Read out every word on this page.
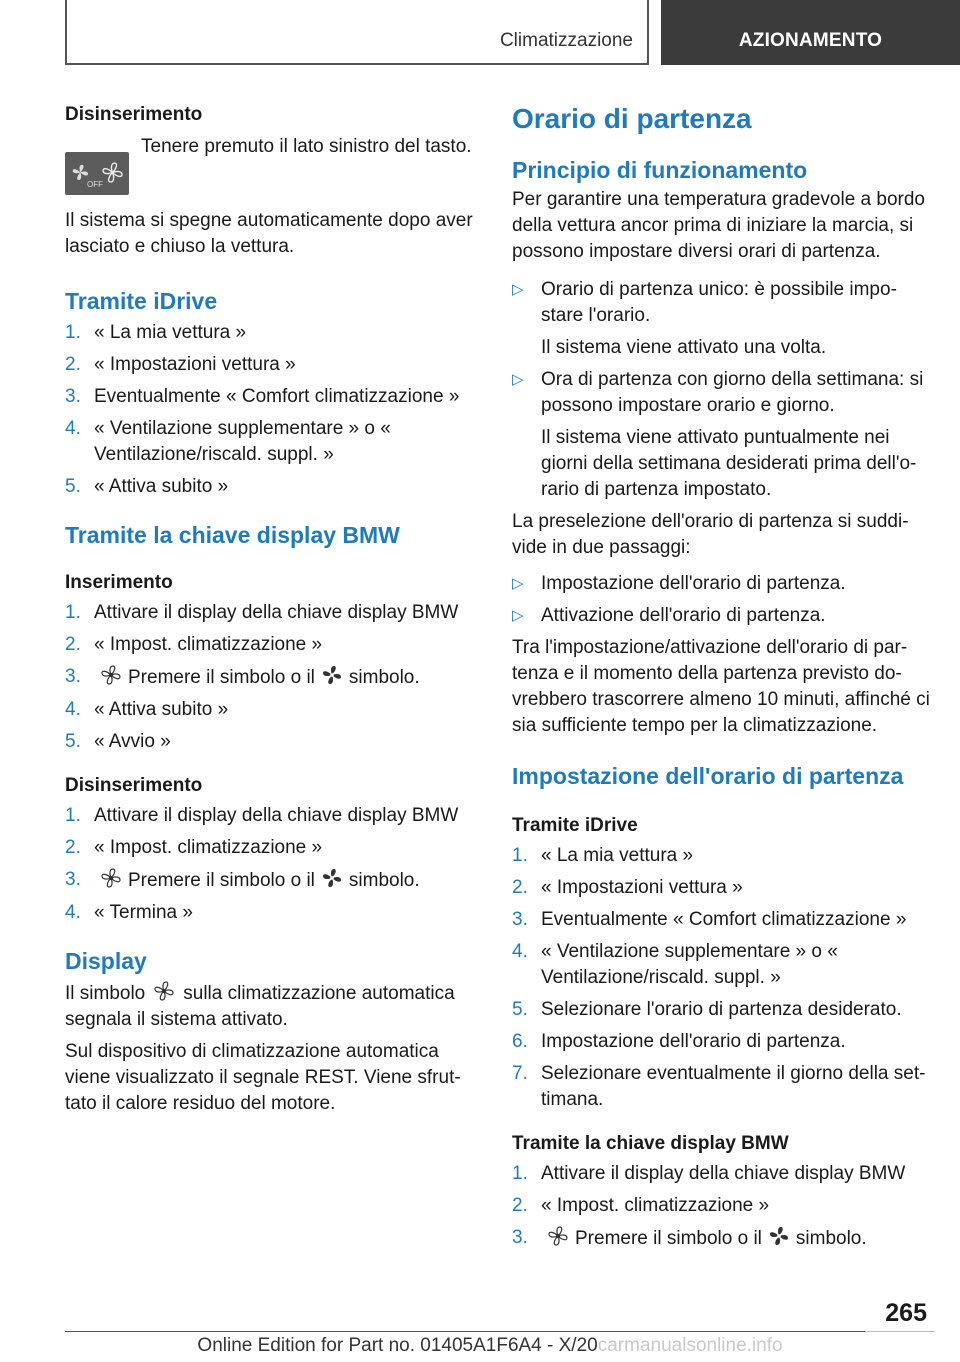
Climatizzazione	AZIONAMENTO
Disinserimento
OFF
Tenere premuto il lato sinistro del tasto.
Il sistema si spegne automaticamente dopo aver lasciato e chiuso la vettura.
Tramite iDrive
1. « La mia vettura »
2. « Impostazioni vettura »
3. Eventualmente « Comfort climatizzazione »
4. « Ventilazione supplementare » o « Ventilazione/riscald. suppl. »
5. « Attiva subito »
Tramite la chiave display BMW
Inserimento
1. Attivare il display della chiave display BMW
2. « Impost. climatizzazione »
3. Premere il simbolo o il simbolo.
4. « Attiva subito »
5. « Avvio »
Disinserimento
1. Attivare il display della chiave display BMW
2. « Impost. climatizzazione »
3. Premere il simbolo o il simbolo.
4. « Termina »
Display
Il simbolo sulla climatizzazione automatica segnala il sistema attivato.
Sul dispositivo di climatizzazione automatica viene visualizzato il segnale REST. Viene sfruttato il calore residuo del motore.
Orario di partenza
Principio di funzionamento
Per garantire una temperatura gradevole a bordo della vettura ancor prima di iniziare la marcia, si possono impostare diversi orari di partenza.
▷ Orario di partenza unico: è possibile impostare l'orario.
Il sistema viene attivato una volta.
▷ Ora di partenza con giorno della settimana: si possono impostare orario e giorno.
Il sistema viene attivato puntualmente nei giorni della settimana desiderati prima dell'orario di partenza impostato.
La preselezione dell'orario di partenza si suddivide in due passaggi:
▷ Impostazione dell'orario di partenza.
▷ Attivazione dell'orario di partenza.
Tra l'impostazione/attivazione dell'orario di partenza e il momento della partenza previsto dovrebbero trascorrere almeno 10 minuti, affinché ci sia sufficiente tempo per la climatizzazione.
Impostazione dell'orario di partenza
Tramite iDrive
1. « La mia vettura »
2. « Impostazioni vettura »
3. Eventualmente « Comfort climatizzazione »
4. « Ventilazione supplementare » o « Ventilazione/riscald. suppl. »
5. Selezionare l'orario di partenza desiderato.
6. Impostazione dell'orario di partenza.
7. Selezionare eventualmente il giorno della settimana.
Tramite la chiave display BMW
1. Attivare il display della chiave display BMW
2. « Impost. climatizzazione »
3. Premere il simbolo o il simbolo.
265
Online Edition for Part no. 01405A1F6A4 - X/20carmanualsonline.info
